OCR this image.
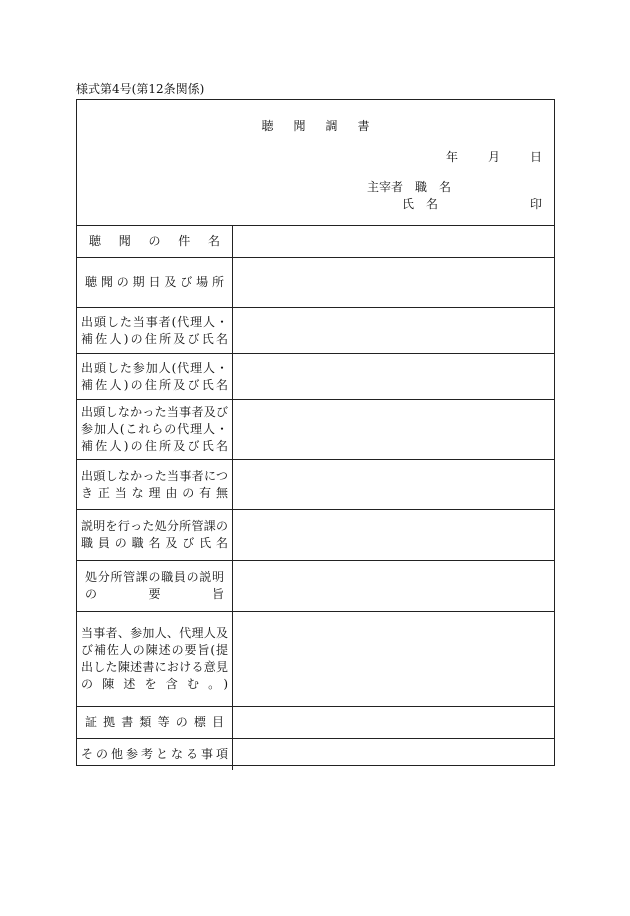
様式第4号(第12条関係)
聴聞調書
年	月	日
主宰者　職　名
氏　名	印
聴聞の件名
聴聞の期日及び場所
出頭した当事者(代理人・補佐人)の住所及び氏名
出頭した参加人(代理人・補佐人)の住所及び氏名
出頭しなかった当事者及び参加人(これらの代理人・補佐人)の住所及び氏名
出頭しなかった当事者につき正当な理由の有無
説明を行った処分所管課の職員の職名及び氏名
処分所管課の職員の説明の要旨
当事者、参加人、代理人及び補佐人の陳述の要旨(提出した陳述書における意見の陳述を含む。)
証拠書類等の標目
その他参考となる事項
